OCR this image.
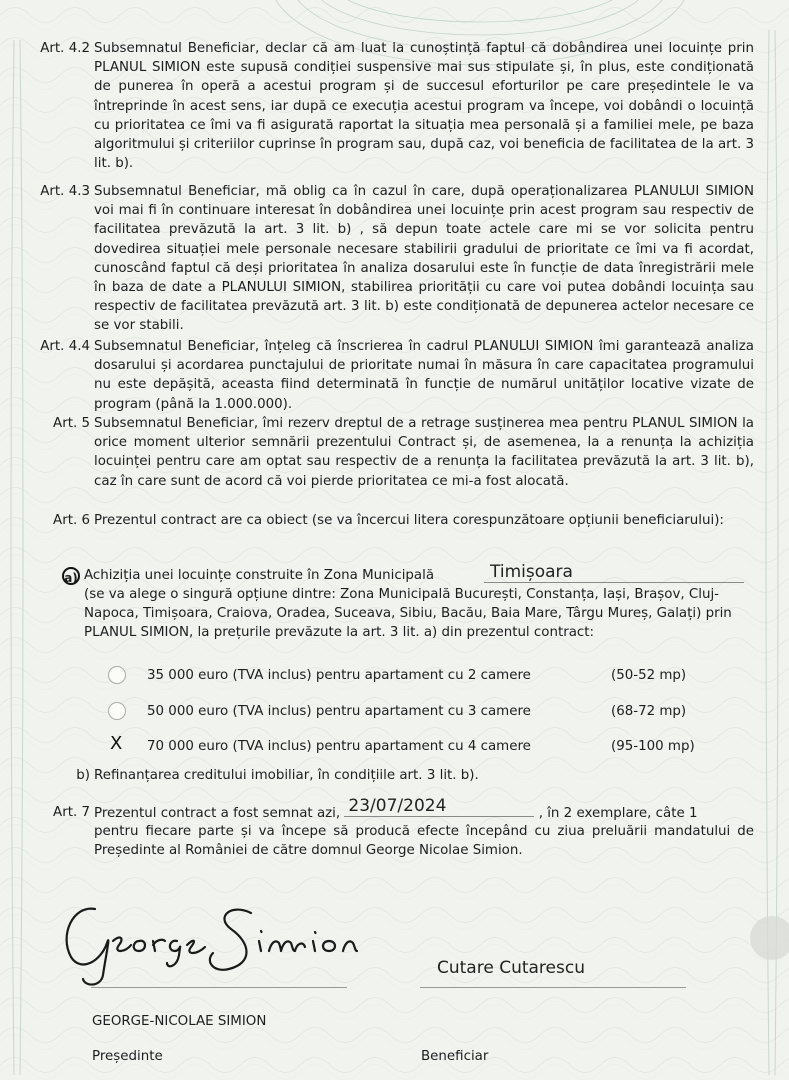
Art. 4.2 Subsemnatul Beneficiar, declar că am luat la cunoștință faptul că dobândirea unei locuințe prin PLANUL SIMION este supusă condiției suspensive mai sus stipulate și, în plus, este condiționată de punerea în operă a acestui program și de succesul eforturilor pe care președintele le va întreprinde în acest sens, iar după ce execuția acestui program va începe, voi dobândi o locuință cu prioritatea ce îmi va fi asigurată raportat la situația mea personală și a familiei mele, pe baza algoritmului și criteriilor cuprinse în program sau, după caz, voi beneficia de facilitatea de la art. 3 lit. b).
Art. 4.3 Subsemnatul Beneficiar, mă oblig ca în cazul în care, după operaționalizarea PLANULUI SIMION voi mai fi în continuare interesat în dobândirea unei locuințe prin acest program sau respectiv de facilitatea prevăzută la art. 3 lit. b) , să depun toate actele care mi se vor solicita pentru dovedirea situației mele personale necesare stabilirii gradului de prioritate ce îmi va fi acordat, cunoscând faptul că deși prioritatea în analiza dosarului este în funcție de data înregistrării mele în baza de date a PLANULUI SIMION, stabilirea priorității cu care voi putea dobândi locuința sau respectiv de facilitatea prevăzută art. 3 lit. b) este condiționată de depunerea actelor necesare ce se vor stabili.
Art. 4.4 Subsemnatul Beneficiar, înțeleg că înscrierea în cadrul PLANULUI SIMION îmi garantează analiza dosarului și acordarea punctajului de prioritate numai în măsura în care capacitatea programului nu este depășită, aceasta fiind determinată în funcție de numărul unităților locative vizate de program (până la 1.000.000).
Art. 5 Subsemnatul Beneficiar, îmi rezerv dreptul de a retrage susținerea mea pentru PLANUL SIMION la orice moment ulterior semnării prezentului Contract și, de asemenea, la a renunța la achiziția locuinței pentru care am optat sau respectiv de a renunța la facilitatea prevăzută la art. 3 lit. b), caz în care sunt de acord că voi pierde prioritatea ce mi-a fost alocată.
Art. 6 Prezentul contract are ca obiect (se va încercui litera corespunzătoare opțiunii beneficiarului):
a) Achiziția unei locuințe construite în Zona Municipală	Timișoara
(se va alege o singură opțiune dintre: Zona Municipală București, Constanța, Iași, Brașov, Cluj-Napoca, Timișoara, Craiova, Oradea, Suceava, Sibiu, Bacău, Baia Mare, Târgu Mureș, Galați) prin PLANUL SIMION, la prețurile prevăzute la art. 3 lit. a) din prezentul contract:
35 000 euro (TVA inclus) pentru apartament cu 2 camere	(50-52 mp)
50 000 euro (TVA inclus) pentru apartament cu 3 camere	(68-72 mp)
X 70 000 euro (TVA inclus) pentru apartament cu 4 camere	(95-100 mp)
b) Refinanțarea creditului imobiliar, în condițiile art. 3 lit. b).
Art. 7 Prezentul contract a fost semnat azi, 23/07/2024	, în 2 exemplare, câte 1
pentru fiecare parte și va începe să producă efecte începând cu ziua preluării mandatului de Președinte al României de către domnul George Nicolae Simion.
Cutare Cutarescu
GEORGE-NICOLAE SIMION
Președinte	Beneficiar
